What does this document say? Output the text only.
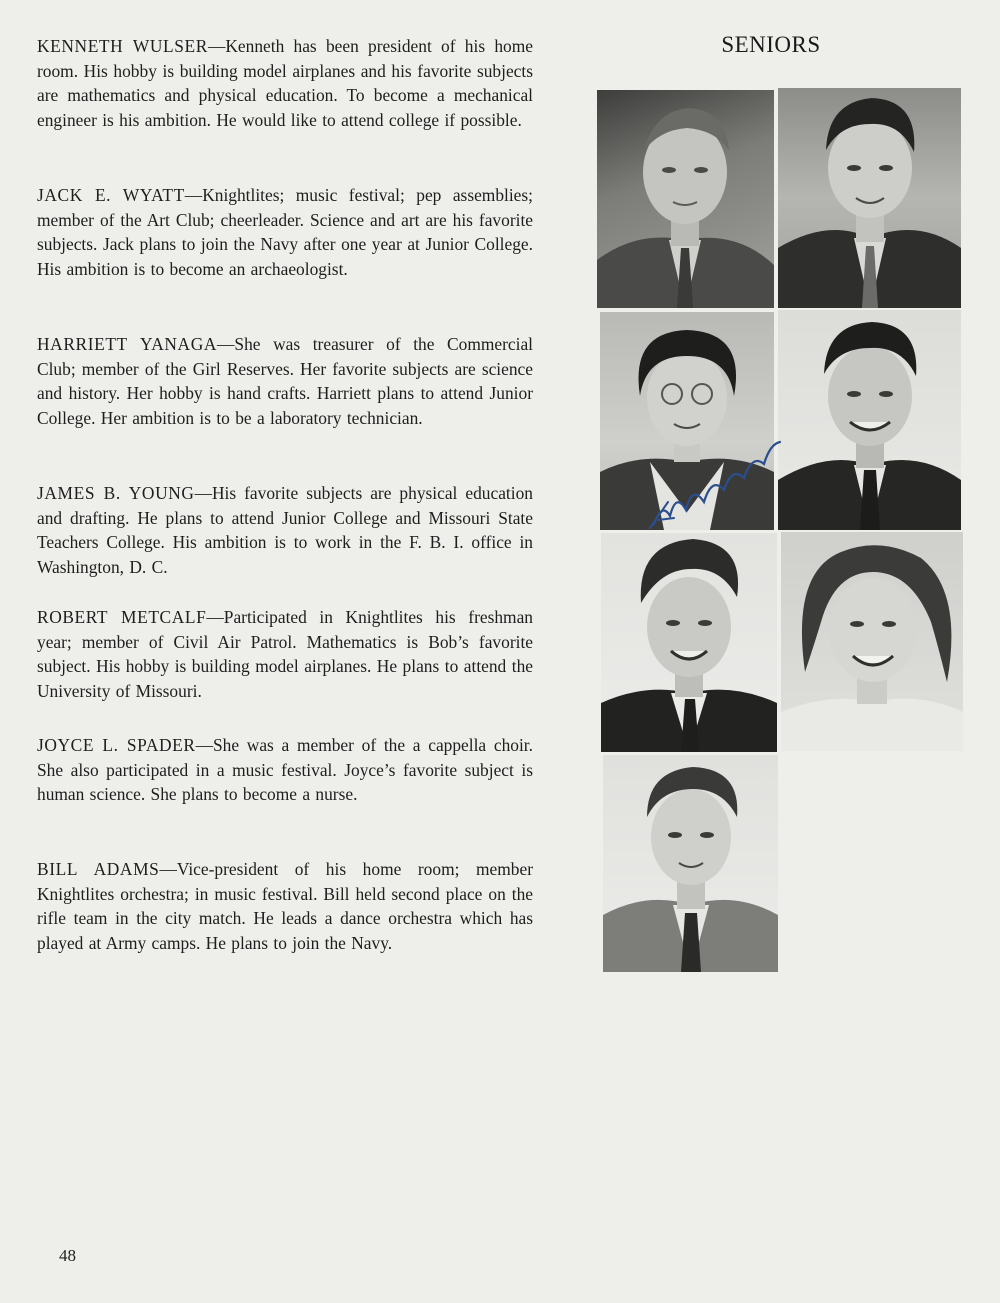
SENIORS

KENNETH WULSER—Kenneth has been president of his home room. His hobby is building model airplanes and his favorite subjects are mathematics and physical education. To become a mechanical engineer is his ambition. He would like to attend college if possible.

JACK E. WYATT—Knightlites; music festival; pep assemblies; member of the Art Club; cheerleader. Science and art are his favorite subjects. Jack plans to join the Navy after one year at Junior College. His ambition is to become an archaeologist.

HARRIETT YANAGA—She was treasurer of the Commercial Club; member of the Girl Reserves. Her favorite subjects are science and history. Her hobby is hand crafts. Harriett plans to attend Junior College. Her ambition is to be a laboratory technician.

JAMES B. YOUNG—His favorite subjects are physical education and drafting. He plans to attend Junior College and Missouri State Teachers College. His ambition is to work in the F. B. I. office in Washington, D. C.

ROBERT METCALF—Participated in Knightlites his freshman year; member of Civil Air Patrol. Mathematics is Bob’s favorite subject. His hobby is building model airplanes. He plans to attend the University of Missouri.

JOYCE L. SPADER—She was a member of the a cappella choir. She also participated in a music festival. Joyce’s favorite subject is human science. She plans to become a nurse.

BILL ADAMS—Vice-president of his home room; member Knightlites orchestra; in music festival. Bill held second place on the rifle team in the city match. He leads a dance orchestra which has played at Army camps. He plans to join the Navy.

48
